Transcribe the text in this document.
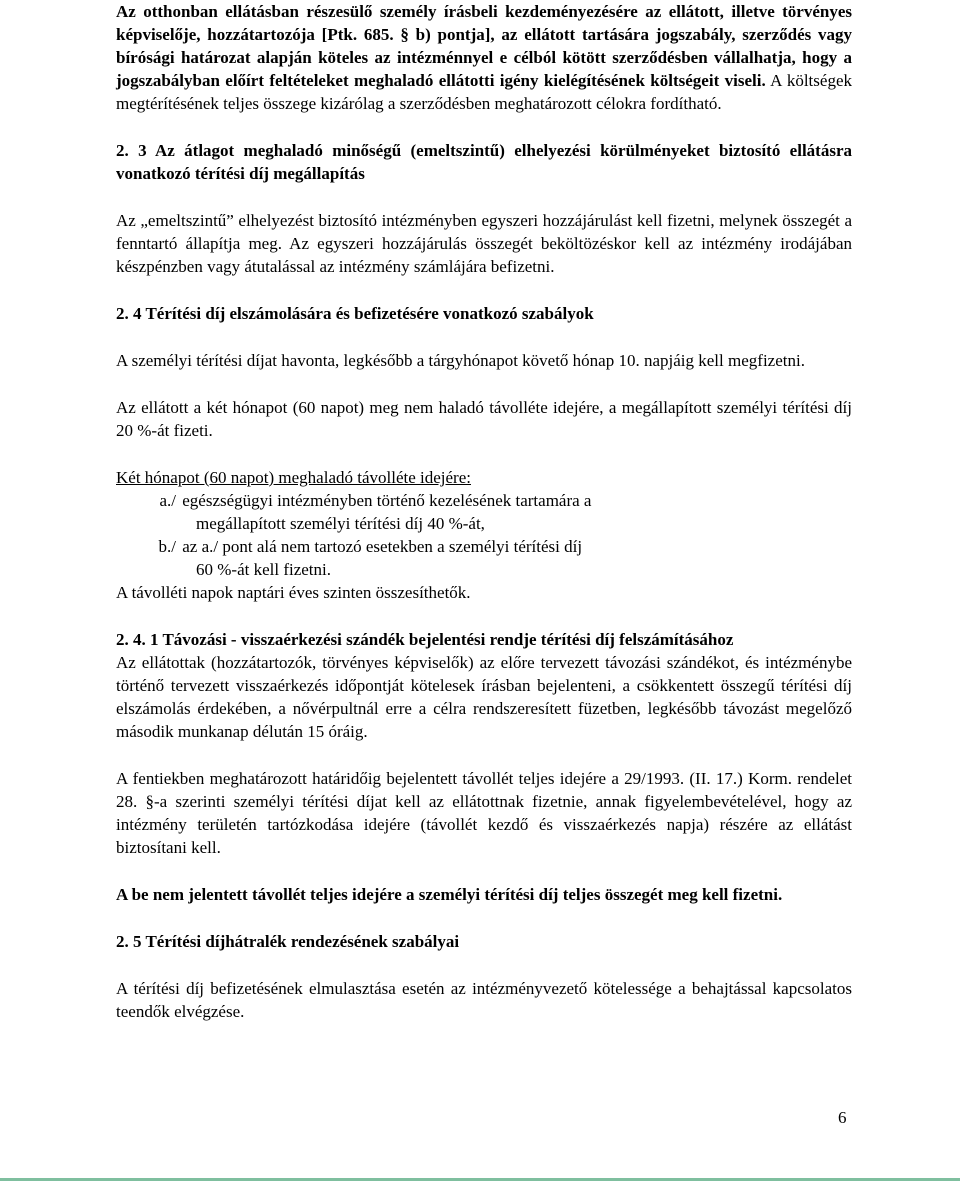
Az otthonban ellátásban részesülő személy írásbeli kezdeményezésére az ellátott, illetve törvényes képviselője, hozzátartozója [Ptk. 685. § b) pontja], az ellátott tartására jogszabály, szerződés vagy bírósági határozat alapján köteles az intézménnyel e célból kötött szerződésben vállalhatja, hogy a jogszabályban előírt feltételeket meghaladó ellátotti igény kielégítésének költségeit viseli. A költségek megtérítésének teljes összege kizárólag a szerződésben meghatározott célokra fordítható.

2. 3 Az átlagot meghaladó minőségű (emeltszintű) elhelyezési körülményeket biztosító ellátásra vonatkozó térítési díj megállapítás

Az „emeltszintű” elhelyezést biztosító intézményben egyszeri hozzájárulást kell fizetni, melynek összegét a fenntartó állapítja meg. Az egyszeri hozzájárulás összegét beköltözéskor kell az intézmény irodájában készpénzben vagy átutalással az intézmény számlájára befizetni.

2. 4 Térítési díj elszámolására és befizetésére vonatkozó szabályok

A személyi térítési díjat havonta, legkésőbb a tárgyhónapot követő hónap 10. napjáig kell megfizetni.

Az ellátott a két hónapot (60 napot) meg nem haladó távolléte idejére, a megállapított személyi térítési díj 20 %-át fizeti.

Két hónapot (60 napot) meghaladó távolléte idejére:

a./ egészségügyi intézményben történő kezelésének tartamára a

megállapított személyi térítési díj 40 %-át,

b./ az a./ pont alá nem tartozó esetekben a személyi térítési díj

60 %-át kell fizetni.

A távolléti napok naptári éves szinten összesíthetők.

2. 4. 1 Távozási - visszaérkezési szándék bejelentési rendje térítési díj felszámításához

Az ellátottak (hozzátartozók, törvényes képviselők) az előre tervezett távozási szándékot, és intézménybe történő tervezett visszaérkezés időpontját kötelesek írásban bejelenteni, a csökkentett összegű térítési díj elszámolás érdekében, a nővérpultnál erre a célra rendszeresített füzetben, legkésőbb távozást megelőző második munkanap délután 15 óráig.

A fentiekben meghatározott határidőig bejelentett távollét teljes idejére a 29/1993. (II. 17.) Korm. rendelet 28. §-a szerinti személyi térítési díjat kell az ellátottnak fizetnie, annak figyelembevételével, hogy az intézmény területén tartózkodása idejére (távollét kezdő és visszaérkezés napja) részére az ellátást biztosítani kell.

A be nem jelentett távollét teljes idejére a személyi térítési díj teljes összegét meg kell fizetni.

2. 5 Térítési díjhátralék rendezésének szabályai

A térítési díj befizetésének elmulasztása esetén az intézményvezető kötelessége a behajtással kapcsolatos teendők elvégzése.

6
